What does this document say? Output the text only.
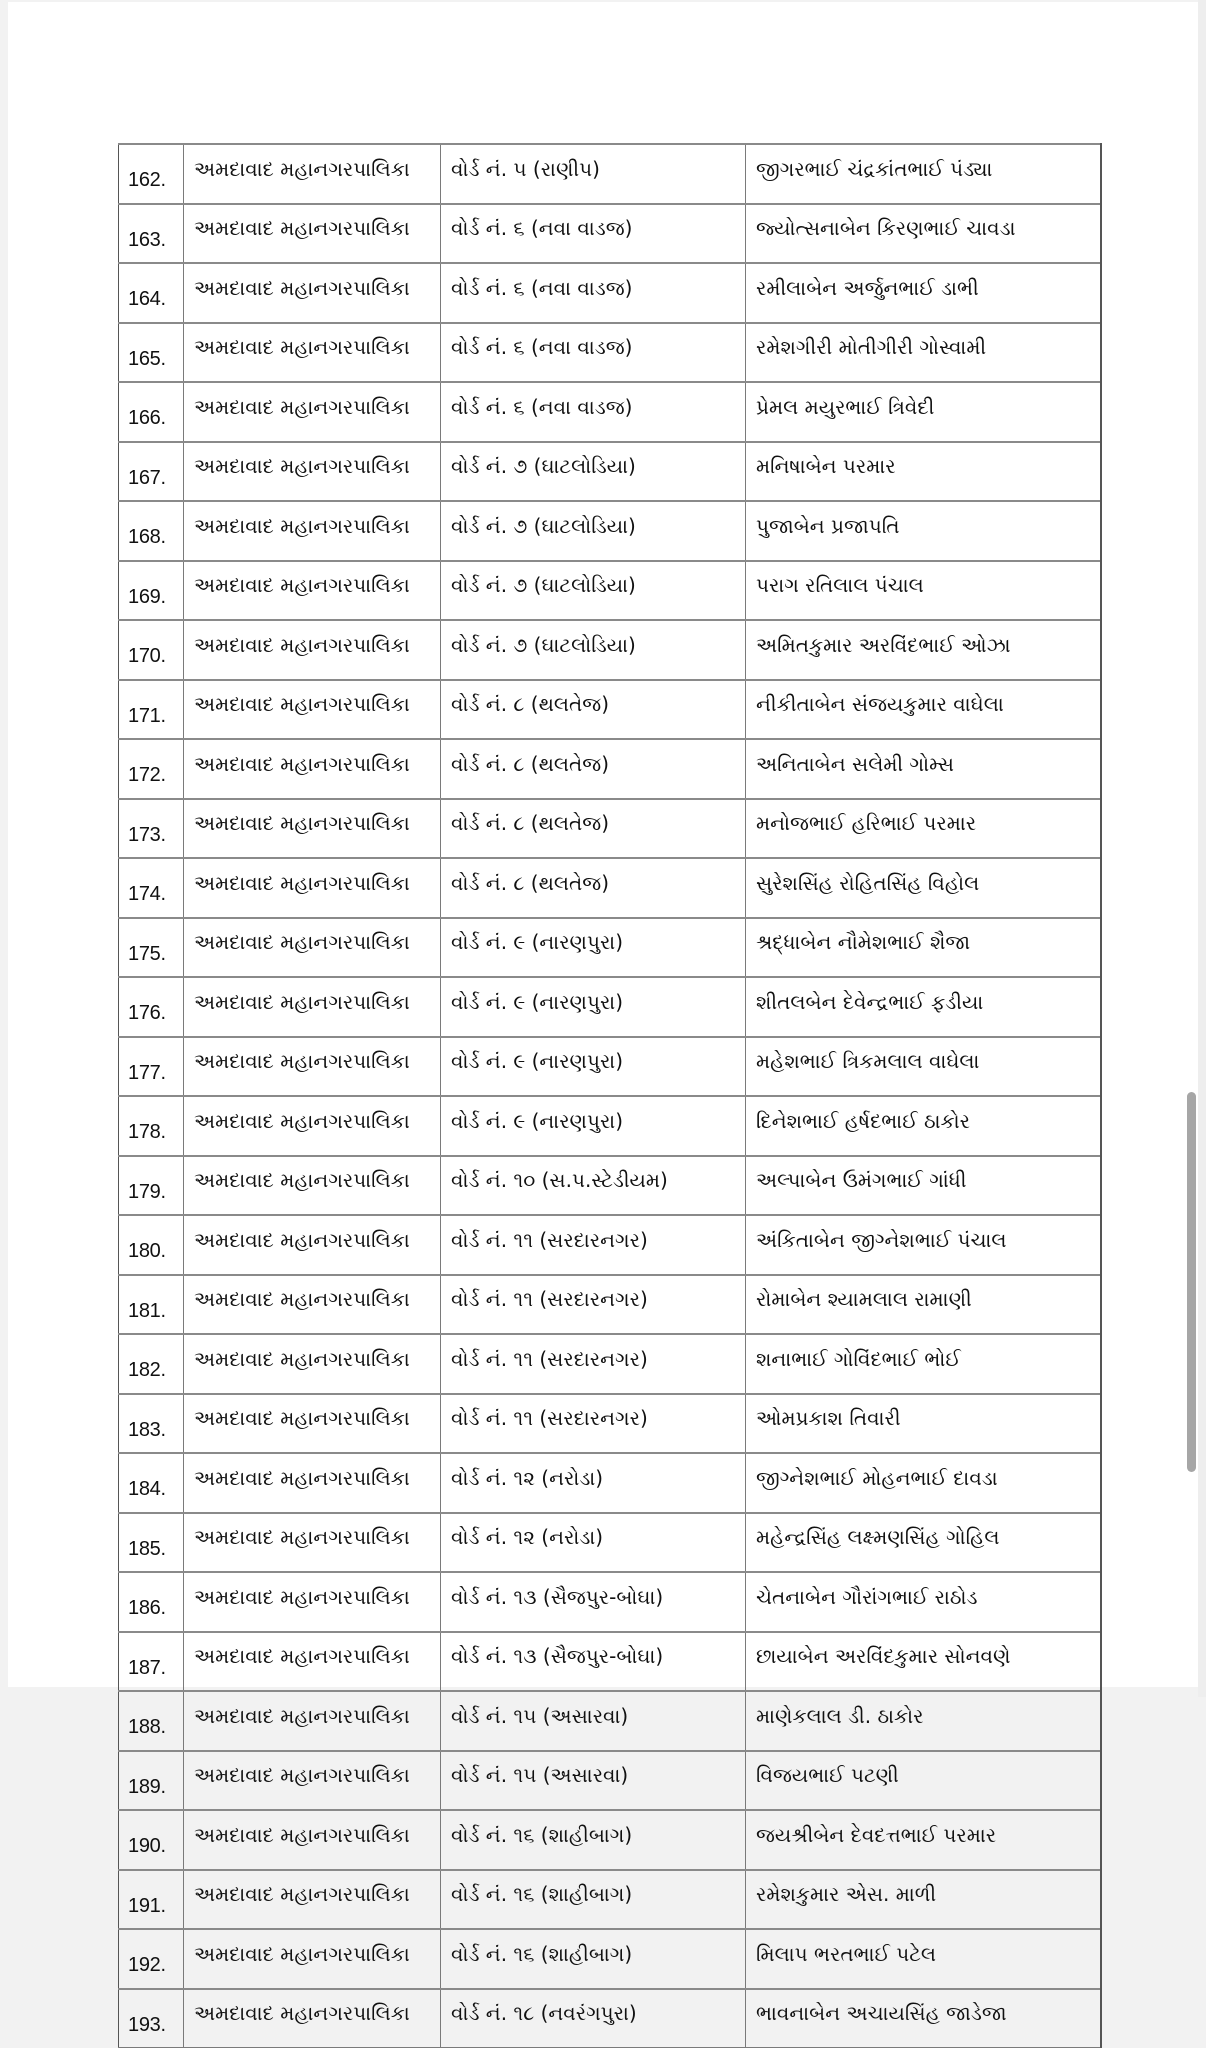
162.	અમદાવાદ મહાનગરપાલિકા	વોર્ડ નં. ૫ (રાણીપ)	જીગરભાઈ ચંદ્રકાંતભાઈ પંડ્યા
163.	અમદાવાદ મહાનગરપાલિકા	વોર્ડ નં. ૬ (નવા વાડજ)	જ્યોત્સનાબેન કિરણભાઈ ચાવડા
164.	અમદાવાદ મહાનગરપાલિકા	વોર્ડ નં. ૬ (નવા વાડજ)	રમીલાબેન અર્જુનભાઈ ડાભી
165.	અમદાવાદ મહાનગરપાલિકા	વોર્ડ નં. ૬ (નવા વાડજ)	રમેશગીરી મોતીગીરી ગોસ્વામી
166.	અમદાવાદ મહાનગરપાલિકા	વોર્ડ નં. ૬ (નવા વાડજ)	પ્રેમલ મયુરભાઈ ત્રિવેદી
167.	અમદાવાદ મહાનગરપાલિકા	વોર્ડ નં. ૭ (ઘાટલોડિયા)	મનિષાબેન પરમાર
168.	અમદાવાદ મહાનગરપાલિકા	વોર્ડ નં. ૭ (ઘાટલોડિયા)	પુજાબેન પ્રજાપતિ
169.	અમદાવાદ મહાનગરપાલિકા	વોર્ડ નં. ૭ (ઘાટલોડિયા)	પરાગ રતિલાલ પંચાલ
170.	અમદાવાદ મહાનગરપાલિકા	વોર્ડ નં. ૭ (ઘાટલોડિયા)	અમિતકુમાર અરવિંદભાઈ ઓઝા
171.	અમદાવાદ મહાનગરપાલિકા	વોર્ડ નં. ૮ (થલતેજ)	નીકીતાબેન સંજયકુમાર વાઘેલા
172.	અમદાવાદ મહાનગરપાલિકા	વોર્ડ નં. ૮ (થલતેજ)	અનિતાબેન સલેમી ગોમ્સ
173.	અમદાવાદ મહાનગરપાલિકા	વોર્ડ નં. ૮ (થલતેજ)	મનોજભાઈ હરિભાઈ પરમાર
174.	અમદાવાદ મહાનગરપાલિકા	વોર્ડ નં. ૮ (થલતેજ)	સુરેશસિંહ રોહિતસિંહ વિહોલ
175.	અમદાવાદ મહાનગરપાલિકા	વોર્ડ નં. ૯ (નારણપુરા)	શ્રદ્ધાબેન નૌમેશભાઈ શૈજા
176.	અમદાવાદ મહાનગરપાલિકા	વોર્ડ નં. ૯ (નારણપુરા)	શીતલબેન દેવેન્દ્રભાઈ ફડીયા
177.	અમદાવાદ મહાનગરપાલિકા	વોર્ડ નં. ૯ (નારણપુરા)	મહેશભાઈ ત્રિકમલાલ વાઘેલા
178.	અમદાવાદ મહાનગરપાલિકા	વોર્ડ નં. ૯ (નારણપુરા)	દિનેશભાઈ હર્ષદભાઈ ઠાકોર
179.	અમદાવાદ મહાનગરપાલિકા	વોર્ડ નં. ૧૦ (સ.પ.સ્ટેડીયમ)	અલ્પાબેન ઉમંગભાઈ ગાંધી
180.	અમદાવાદ મહાનગરપાલિકા	વોર્ડ નં. ૧૧ (સરદારનગર)	અંકિતાબેન જીગ્નેશભાઈ પંચાલ
181.	અમદાવાદ મહાનગરપાલિકા	વોર્ડ નં. ૧૧ (સરદારનગર)	રોમાબેન શ્યામલાલ રામાણી
182.	અમદાવાદ મહાનગરપાલિકા	વોર્ડ નં. ૧૧ (સરદારનગર)	શનાભાઈ ગોવિંદભાઈ ભોઈ
183.	અમદાવાદ મહાનગરપાલિકા	વોર્ડ નં. ૧૧ (સરદારનગર)	ઓમપ્રકાશ તિવારી
184.	અમદાવાદ મહાનગરપાલિકા	વોર્ડ નં. ૧૨ (નરોડા)	જીગ્નેશભાઈ મોહનભાઈ દાવડા
185.	અમદાવાદ મહાનગરપાલિકા	વોર્ડ નં. ૧૨ (નરોડા)	મહેન્દ્રસિંહ લક્ષ્મણસિંહ ગોહિલ
186.	અમદાવાદ મહાનગરપાલિકા	વોર્ડ નં. ૧૩ (સૈજપુર-બોઘા)	ચેતનાબેન ગૌરાંગભાઈ રાઠોડ
187.	અમદાવાદ મહાનગરપાલિકા	વોર્ડ નં. ૧૩ (સૈજપુર-બોઘા)	છાયાબેન અરવિંદકુમાર સોનવણે
188.	અમદાવાદ મહાનગરપાલિકા	વોર્ડ નં. ૧૫ (અસારવા)	માણેકલાલ ડી. ઠાકોર
189.	અમદાવાદ મહાનગરપાલિકા	વોર્ડ નં. ૧૫ (અસારવા)	વિજયભાઈ પટણી
190.	અમદાવાદ મહાનગરપાલિકા	વોર્ડ નં. ૧૬ (શાહીબાગ)	જયશ્રીબેન દેવદત્તભાઈ પરમાર
191.	અમદાવાદ મહાનગરપાલિકા	વોર્ડ નં. ૧૬ (શાહીબાગ)	રમેશકુમાર એસ. માળી
192.	અમદાવાદ મહાનગરપાલિકા	વોર્ડ નં. ૧૬ (શાહીબાગ)	મિલાપ ભરતભાઈ પટેલ
193.	અમદાવાદ મહાનગરપાલિકા	વોર્ડ નં. ૧૮ (નવરંગપુરા)	ભાવનાબેન અચાયસિંહ જાડેજા
